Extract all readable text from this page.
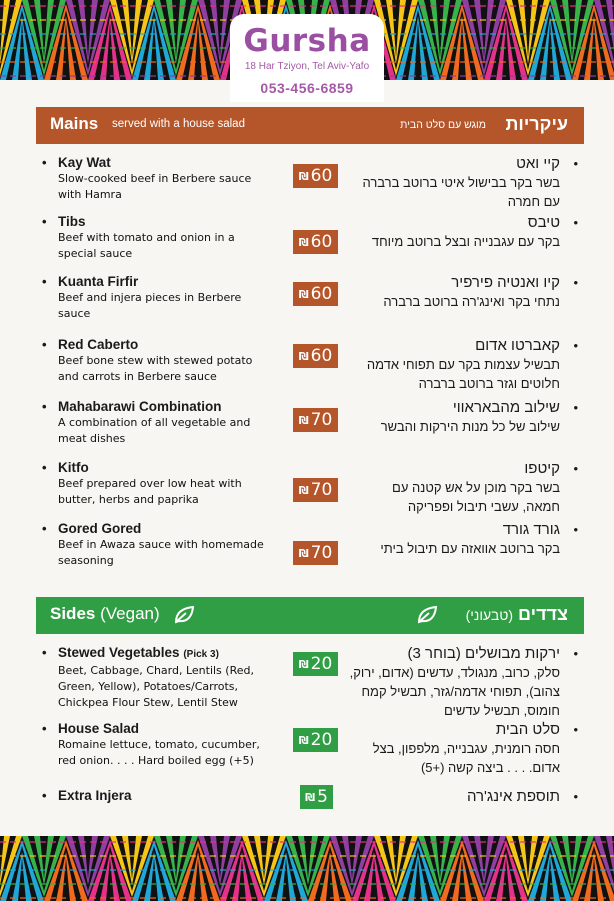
Gursha
18 Har Tziyon, Tel Aviv-Yafo
053-456-6859
Mains served with a house salad	מוגש עם סלט הבית עיקריות
• Kay Wat
Slow-cooked beef in Berbere sauce with Hamra
₪ 60
• קיי ואט
בשר בקר בבישול איטי ברוטב ברברה עם חמרה
• Tibs
Beef with tomato and onion in a special sauce
₪ 60
• טיבס
בקר עם עגבנייה ובצל ברוטב מיוחד
• Kuanta Firfir
Beef and injera pieces in Berbere sauce
₪ 60
• קיו ואנטיה פירפיר
נתחי בקר ואינג'רה ברוטב ברברה
• Red Caberto
Beef bone stew with stewed potato and carrots in Berbere sauce
₪ 60
• קאברטו אדום
תבשיל עצמות בקר עם תפוחי אדמה חלוטים וגזר ברוטב ברברה
• Mahabarawi Combination
A combination of all vegetable and meat dishes
₪ 70
• שילוב מהבאראווי
שילוב של כל מנות הירקות והבשר
• Kitfo
Beef prepared over low heat with butter, herbs and paprika
₪ 70
• קיטפו
בשר בקר מוכן על אש קטנה עם חמאה, עשבי תיבול ופפריקה
• Gored Gored
Beef in Awaza sauce with homemade seasoning
₪ 70
• גורד גורד
בקר ברוטב אוואזה עם תיבול ביתי
Sides (Vegan)	צדדים (טבעוני)
• Stewed Vegetables (Pick 3)
Beet, Cabbage, Chard, Lentils (Red, Green, Yellow), Potatoes/Carrots, Chickpea Flour Stew, Lentil Stew
₪ 20
• ירקות מבושלים (בוחר 3)
סלק, כרוב, מנגולד, עדשים (אדום, ירוק, צהוב), תפוחי אדמה/גזר, תבשיל קמח חומוס, תבשיל עדשים
• House Salad
Romaine lettuce, tomato, cucumber, red onion. . . . Hard boiled egg (+5)
₪ 20
• סלט הבית
חסה רומנית, עגבנייה, מלפפון, בצל אדום. . . . ביצה קשה (+5)
• Extra Injera	₪ 5
•	תוספת אינג'רה
